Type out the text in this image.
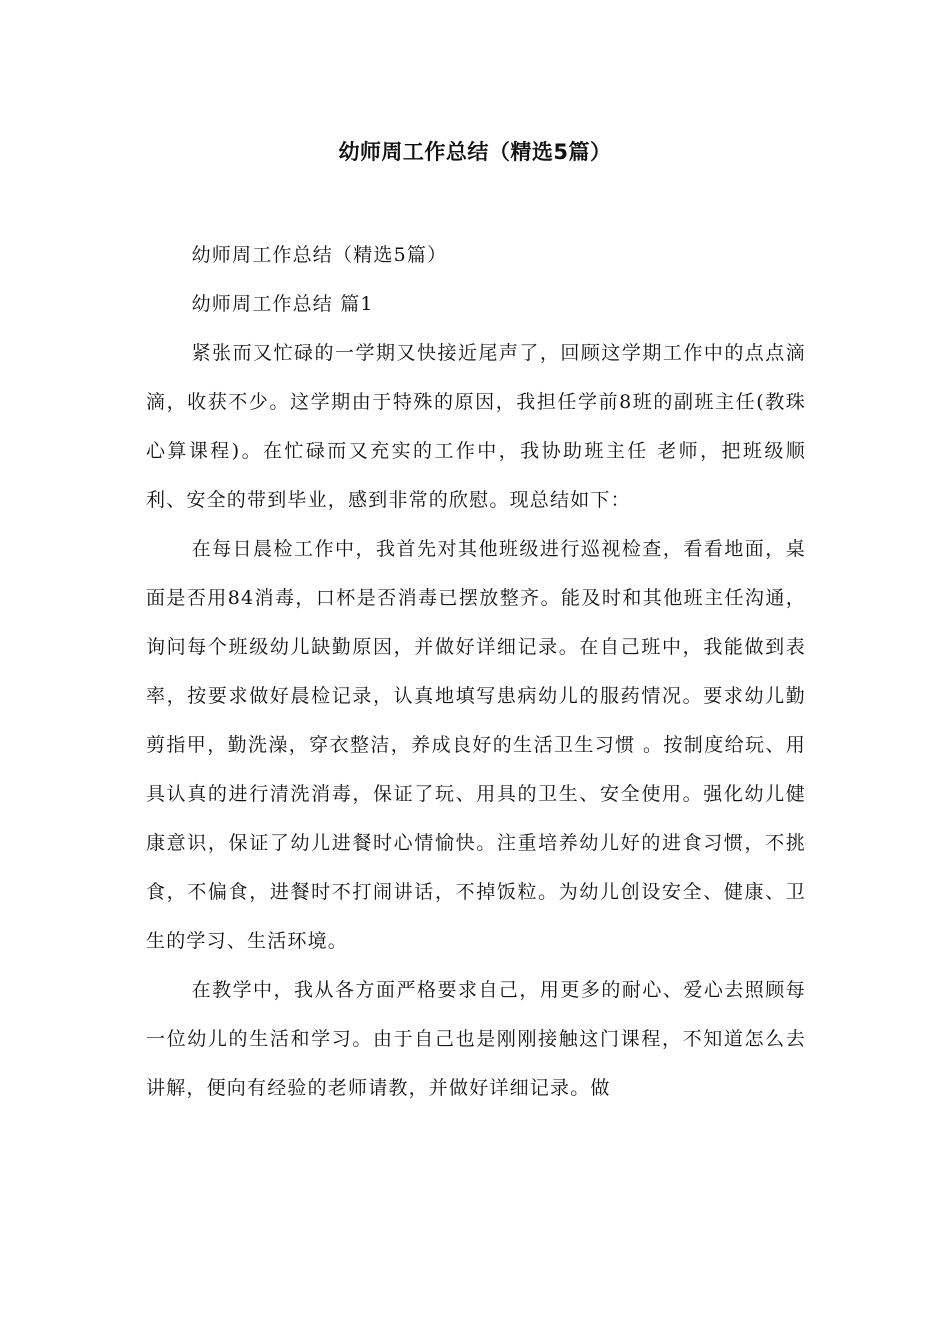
幼师周工作总结（精选5篇）

幼师周工作总结（精选5篇）

幼师周工作总结 篇1

紧张而又忙碌的一学期又快接近尾声了，回顾这学期工作中的点点滴滴，收获不少。这学期由于特殊的原因，我担任学前8班的副班主任(教珠心算课程)。在忙碌而又充实的工作中，我协助班主任 老师，把班级顺利、安全的带到毕业，感到非常的欣慰。现总结如下：

在每日晨检工作中，我首先对其他班级进行巡视检查，看看地面，桌面是否用84消毒，口杯是否消毒已摆放整齐。能及时和其他班主任沟通，询问每个班级幼儿缺勤原因，并做好详细记录。在自己班中，我能做到表率，按要求做好晨检记录，认真地填写患病幼儿的服药情况。要求幼儿勤剪指甲，勤洗澡，穿衣整洁，养成良好的生活卫生习惯 。按制度给玩、用具认真的进行清洗消毒，保证了玩、用具的卫生、安全使用。强化幼儿健康意识，保证了幼儿进餐时心情愉快。注重培养幼儿好的进食习惯，不挑食，不偏食，进餐时不打闹讲话，不掉饭粒。为幼儿创设安全、健康、卫生的学习、生活环境。

在教学中，我从各方面严格要求自己，用更多的耐心、爱心去照顾每一位幼儿的生活和学习。由于自己也是刚刚接触这门课程，不知道怎么去讲解，便向有经验的老师请教，并做好详细记录。做
